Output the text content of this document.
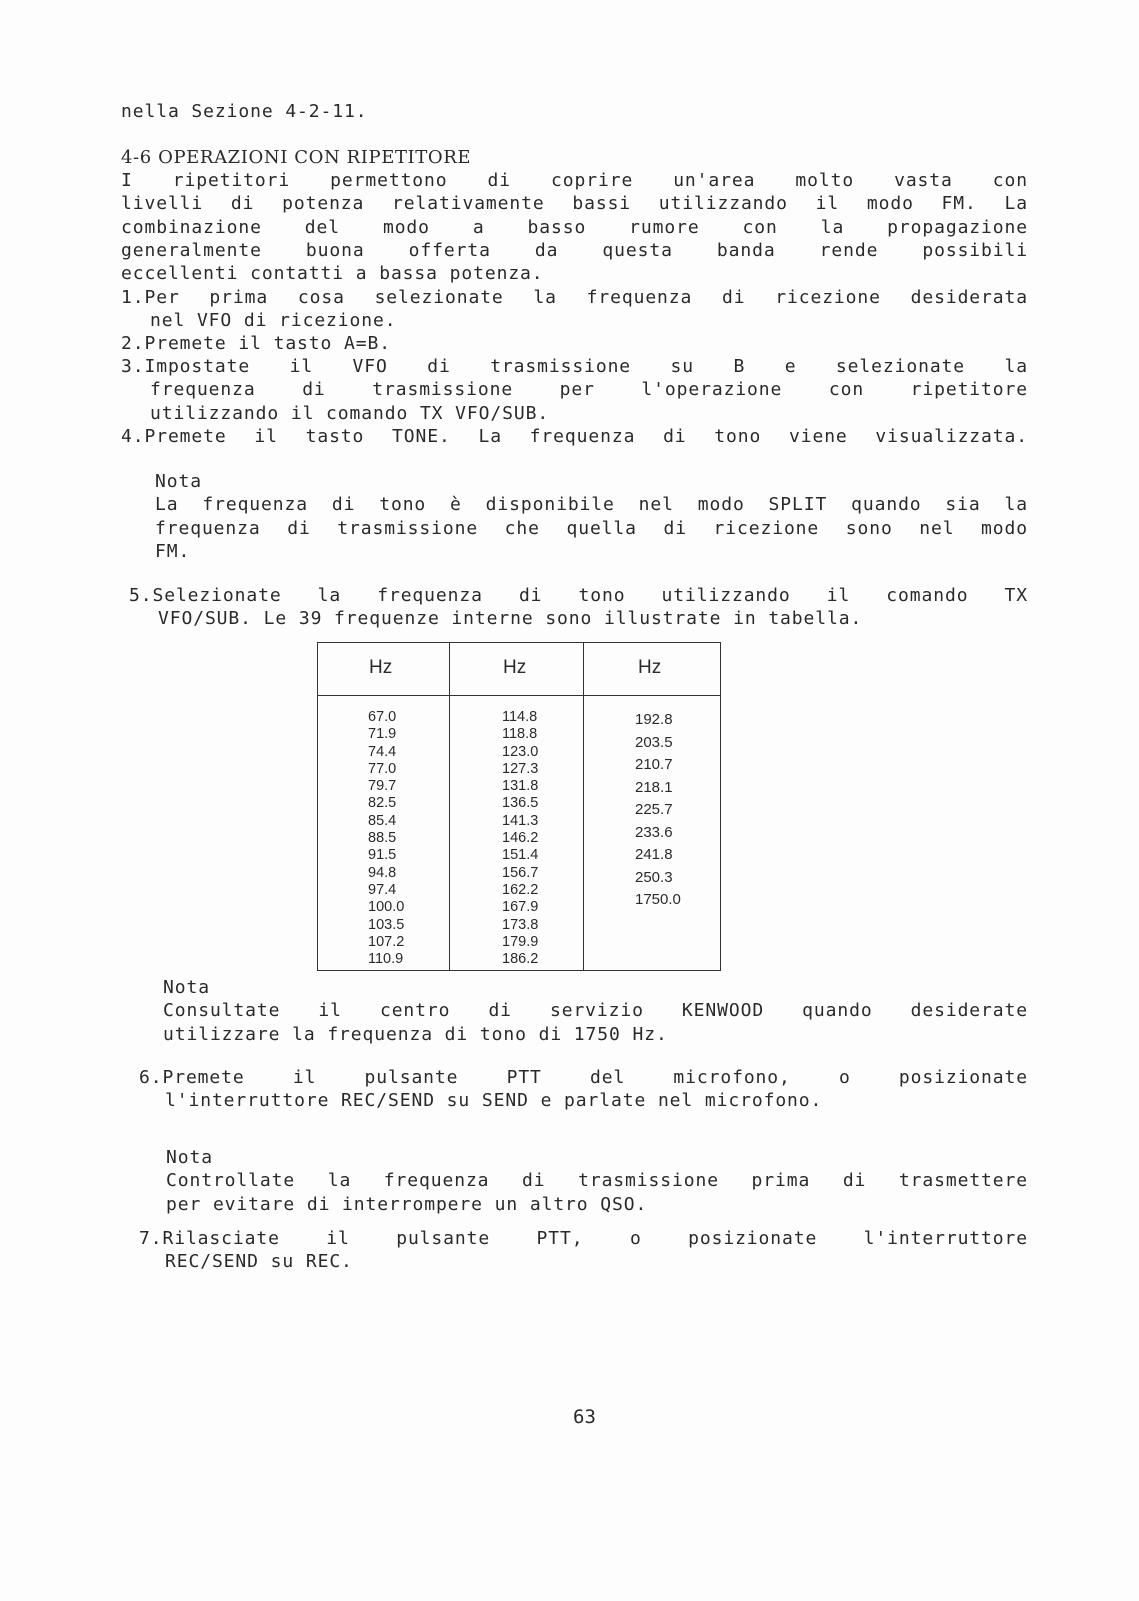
nella Sezione 4-2-11.
4-6 OPERAZIONI CON RIPETITORE
I ripetitori permettono di coprire un'area molto vasta con
livelli di potenza relativamente bassi utilizzando il modo FM. La
combinazione del modo a basso rumore con la propagazione
generalmente buona offerta da questa banda rende possibili
eccellenti contatti a bassa potenza.
1.Per prima cosa selezionate la frequenza di ricezione desiderata
nel VFO di ricezione.
2.Premete il tasto A=B.
3.Impostate il VFO di trasmissione su B e selezionate la
frequenza di trasmissione per l'operazione con ripetitore
utilizzando il comando TX VFO/SUB.
4.Premete il tasto TONE. La frequenza di tono viene visualizzata.
Nota
La frequenza di tono è disponibile nel modo SPLIT quando sia la
frequenza di trasmissione che quella di ricezione sono nel modo
FM.
5.Selezionate la frequenza di tono utilizzando il comando TX
VFO/SUB. Le 39 frequenze interne sono illustrate in tabella.
Hz	Hz	Hz
67.0
71.9
74.4
77.0
79.7
82.5
85.4
88.5
91.5
94.8
97.4
100.0
103.5
107.2
110.9
114.8
118.8
123.0
127.3
131.8
136.5
141.3
146.2
151.4
156.7
162.2
167.9
173.8
179.9
186.2
192.8
203.5
210.7
218.1
225.7
233.6
241.8
250.3
1750.0
Nota
Consultate il centro di servizio KENWOOD quando desiderate
utilizzare la frequenza di tono di 1750 Hz.
6.Premete il pulsante PTT del microfono, o posizionate
l'interruttore REC/SEND su SEND e parlate nel microfono.
Nota
Controllate la frequenza di trasmissione prima di trasmettere
per evitare di interrompere un altro QSO.
7.Rilasciate il pulsante PTT, o posizionate l'interruttore
REC/SEND su REC.
63
